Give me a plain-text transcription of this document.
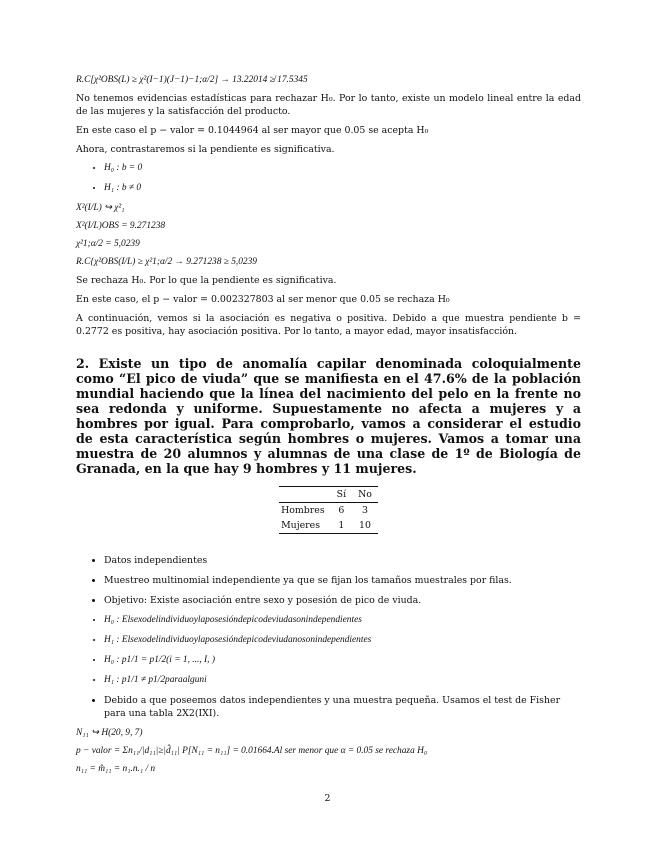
R.C[χ²OBS(L) ≥ χ²(I−1)(J−1)−1;α/2] → 13.22014 ≱ 17.5345

No tenemos evidencias estadísticas para rechazar H₀. Por lo tanto, existe un modelo lineal entre la edad de las mujeres y la satisfacción del producto.

En este caso el p − valor = 0.1044964 al ser mayor que 0.05 se acepta H₀

Ahora, contrastaremos si la pendiente es significativa.

• H₀ : b = 0
• H₁ : b ≠ 0
X²(I/L) ↪ χ²₁
X²(I/L)OBS = 9.271238
χ²1;α/2 = 5,0239
R.C{χ²OBS(I/L) ≥ χ²1;α/2 → 9.271238 ≥ 5,0239

Se rechaza H₀. Por lo que la pendiente es significativa.

En este caso, el p − valor = 0.002327803 al ser menor que 0.05 se rechaza H₀

A continuación, vemos si la asociación es negativa o positiva. Debido a que muestra pendiente b = 0.2772 es positiva, hay asociación positiva. Por lo tanto, a mayor edad, mayor insatisfacción.

2. Existe un tipo de anomalía capilar denominada coloquialmente como “El pico de viuda” que se manifiesta en el 47.6% de la población mundial haciendo que la línea del nacimiento del pelo en la frente no sea redonda y uniforme. Supuestamente no afecta a mujeres y a hombres por igual. Para comprobarlo, vamos a considerar el estudio de esta característica según hombres o mujeres. Vamos a tomar una muestra de 20 alumnos y alumnas de una clase de 1º de Biología de Granada, en la que hay 9 hombres y 11 mujeres.
	Sí	No
Hombres	6	3
Mujeres	1	10
• Datos independientes
• Muestreo multinomial independiente ya que se fijan los tamaños muestrales por filas.
• Objetivo: Existe asociación entre sexo y posesión de pico de viuda.
• H₀ : Elsexodelindividuoylaposesióndepicodeviudasonindependientes
• H₁ : Elsexodelindividuoylaposesióndepicodeviudanosonindependientes
• H₀ : p1/1 = p1/2(i = 1, ..., I, )
• H₁ : p1/1 ≠ p1/2paraalguni
• Debido a que poseemos datos independientes y una muestra pequeña. Usamos el test de Fisher para una tabla 2X2(IXI).
N₁₁ ↪ H(20, 9, 7)
p − valor = Σn₁₁/|d₁₁|≥|d̂₁₁| P[N₁₁ = n₁₁] = 0.01664.Al ser menor que α = 0.05 se rechaza H₀
n₁₁ = m̂₁₁ = n₁.n.₁ / n
2
